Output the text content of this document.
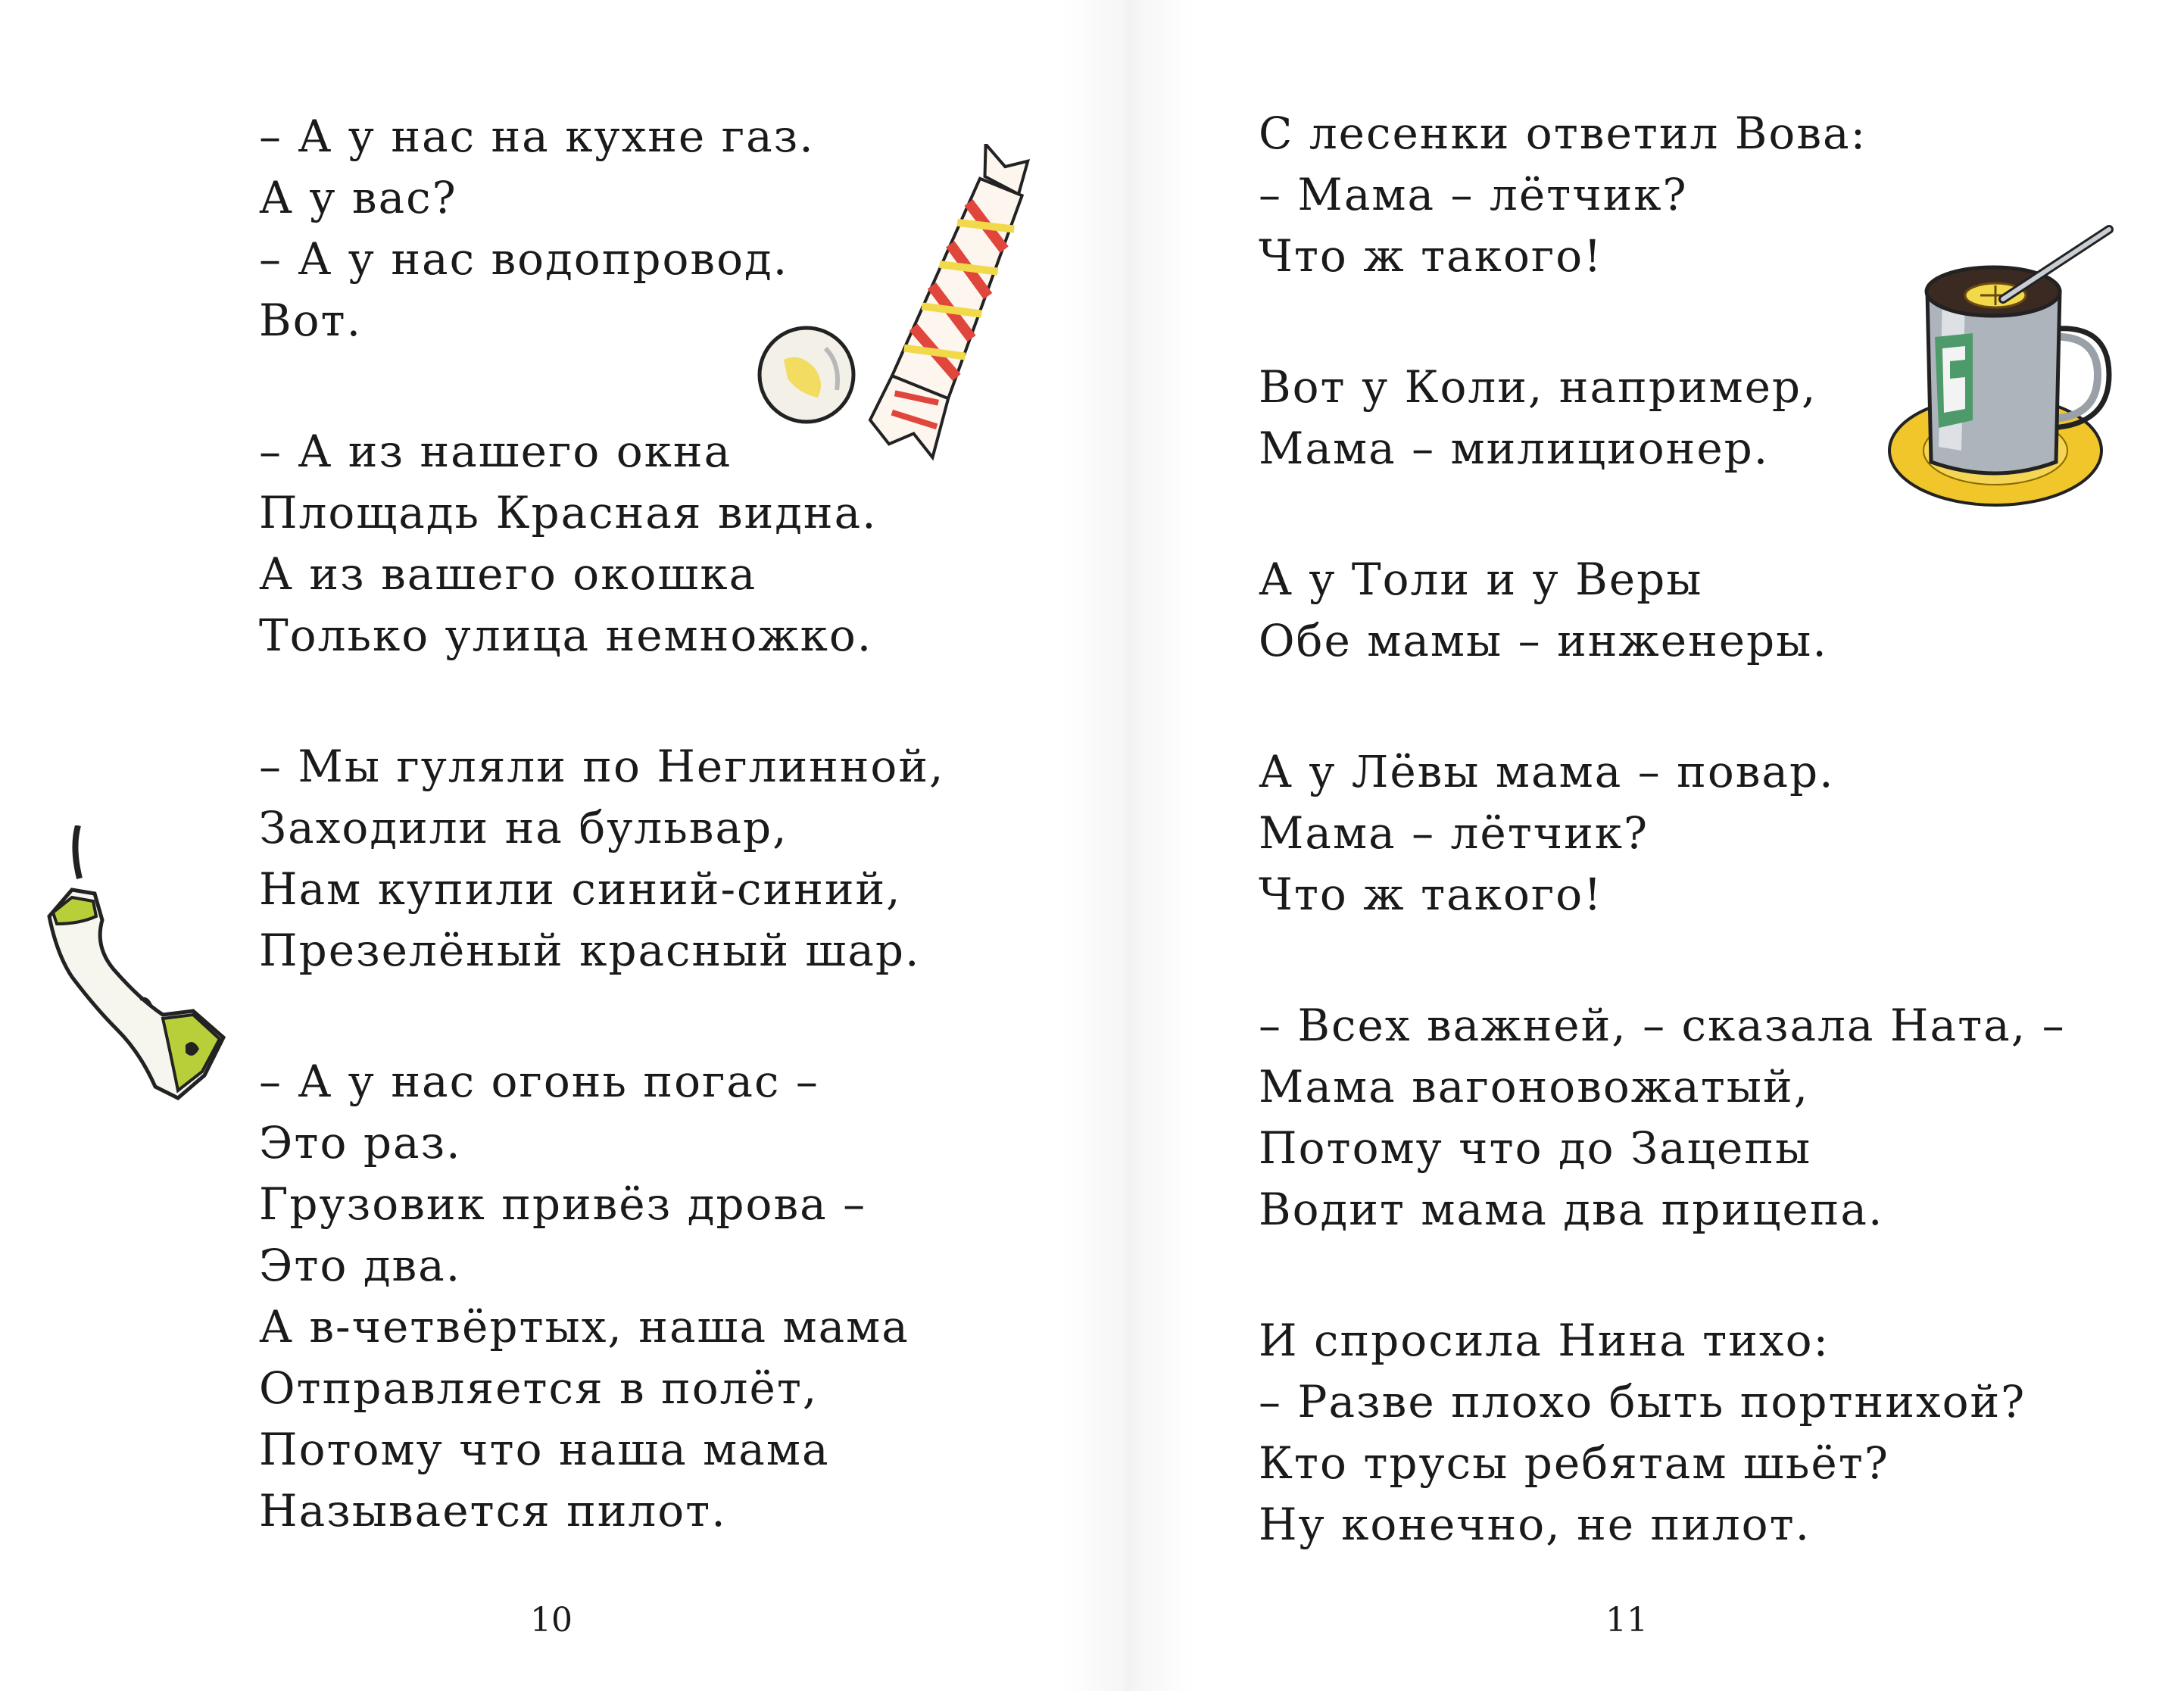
– А у нас на кухне газ.
А у вас?
– А у нас водопровод.
Вот.
– А из нашего окна
Площадь Красная видна.
А из вашего окошка
Только улица немножко.
– Мы гуляли по Неглинной,
Заходили на бульвар,
Нам купили синий-синий,
Презелёный красный шар.
– А у нас огонь погас –
Это раз.
Грузовик привёз дрова –
Это два.
А в-четвёртых, наша мама
Отправляется в полёт,
Потому что наша мама
Называется пилот.
10
С лесенки ответил Вова:
– Мама – лётчик?
Что ж такого!
Вот у Коли, например,
Мама – милиционер.
А у Толи и у Веры
Обе мамы – инженеры.
А у Лёвы мама – повар.
Мама – лётчик?
Что ж такого!
– Всех важней, – сказала Ната, –
Мама вагоновожатый,
Потому что до Зацепы
Водит мама два прицепа.
И спросила Нина тихо:
– Разве плохо быть портнихой?
Кто трусы ребятам шьёт?
Ну конечно, не пилот.
11
